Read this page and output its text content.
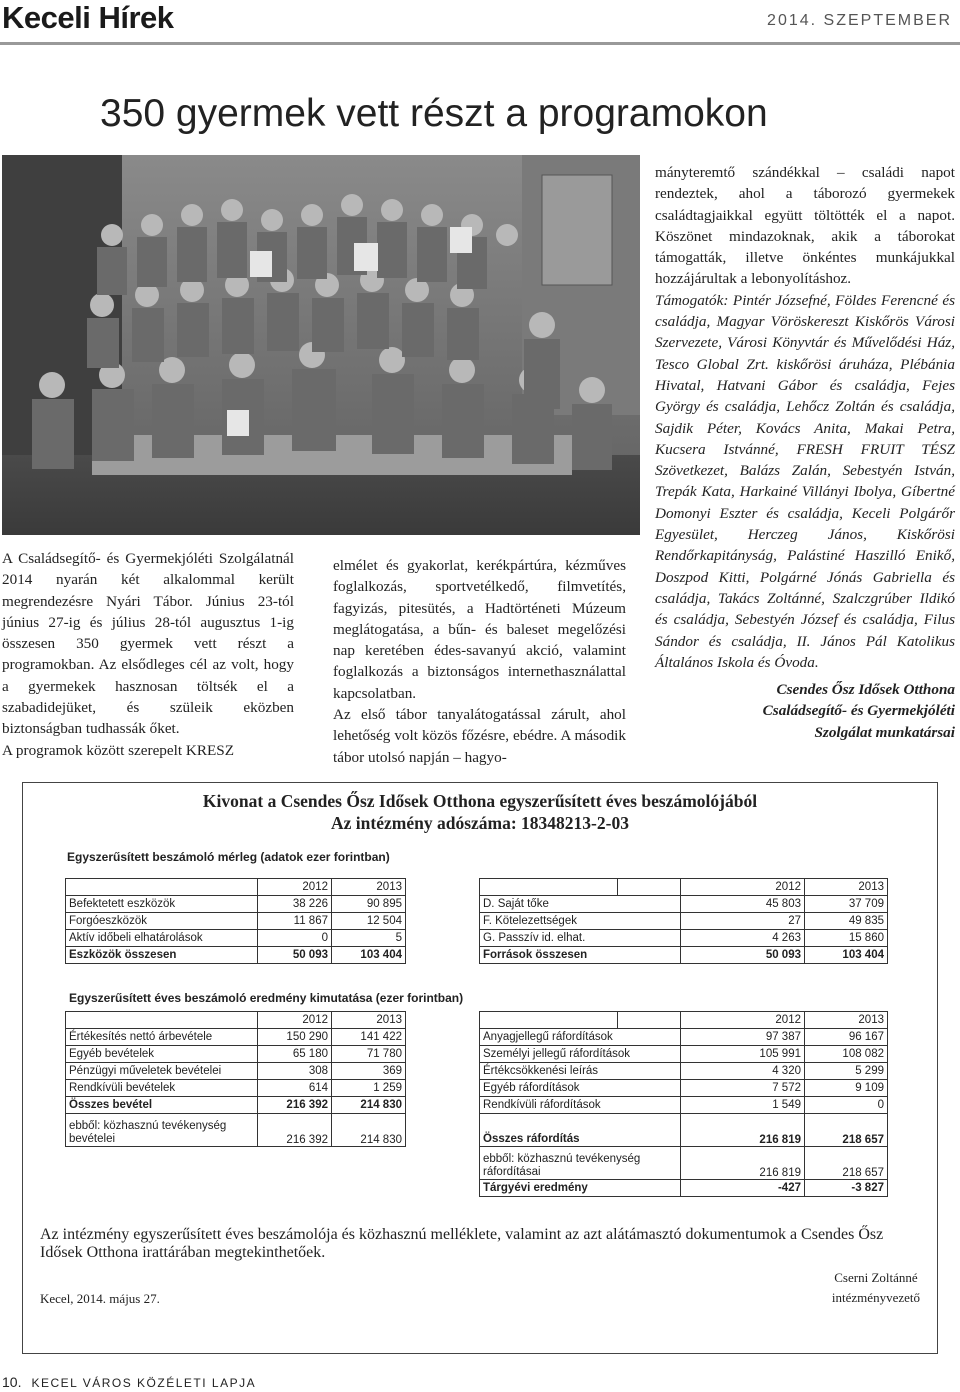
Keceli Hírek	2014. SZEPTEMBER
350 gyermek vett részt a programokon

A Családsegítő- és Gyermekjóléti Szolgálatnál 2014 nyarán két alkalommal került megrendezésre Nyári Tábor. Június 23-tól június 27-ig és július 28-tól augusztus 1-ig összesen 350 gyermek vett részt a programokban. Az elsődleges cél az volt, hogy a gyermekek hasznosan töltsék el a szabadidejüket, és szüleik eközben biztonságban tudhassák őket.

A programok között szerepelt KRESZ

elmélet és gyakorlat, kerékpártúra, kézműves foglalkozás, sportvetélkedő, filmvetítés, fagyizás, pitesütés, a Hadtörténeti Múzeum meglátogatása, a bűn- és baleset megelőzési nap keretében édes-savanyú akció, valamint foglalkozás a biztonságos internethasználattal kapcsolatban.

Az első tábor tanyalátogatással zárult, ahol lehetőség volt közös főzésre, ebédre. A második tábor utolsó napján – hagyo-

mányteremtő szándékkal – családi napot rendeztek, ahol a táborozó gyermekek családtagjaikkal együtt töltötték el a napot. Köszönet mindazoknak, akik a táborokat támogatták, illetve önkéntes munkájukkal hozzájárultak a lebonyolításhoz.

Támogatók: Pintér Józsefné, Földes Ferencné és családja, Magyar Vöröskereszt Kiskőrös Városi Szervezete, Városi Könyvtár és Művelődési Ház, Tesco Global Zrt. kiskőrösi áruháza, Plébánia Hivatal, Hatvani Gábor és családja, Fejes György és családja, Lehőcz Zoltán és családja, Sajdik Péter, Kovács Anita, Makai Petra, Kucsera Istvánné, FRESH FRUIT TÉSZ Szövetkezet, Balázs Zalán, Sebestyén István, Trepák Kata, Harkainé Villányi Ibolya, Gíbertné Domonyi Eszter és családja, Keceli Polgárőr Egyesület, Herczeg János, Kiskőrösi Rendőrkapitányság, Palástiné Haszilló Enikő, Doszpod Kitti, Polgárné Jónás Gabriella és családja, Takács Zoltánné, Szalczgrúber Ildikó és családja, Sebestyén József és családja, Filus Sándor és családja, II. János Pál Katolikus Általános Iskola és Óvoda.

Csendes Ősz Idősek Otthona

Családsegítő- és Gyermekjóléti

Szolgálat munkatársai

Kivonat a Csendes Ősz Idősek Otthona egyszerűsített éves beszámolójából
Az intézmény adószáma: 18348213-2-03
Egyszerűsített beszámoló mérleg (adatok ezer forintban)
	2012	2013				2012	2013
Befektetett eszközök	38 226	90 895		D. Saját tőke		45 803	37 709
Forgóeszközök	11 867	12 504		F. Kötelezettségek		27	49 835
Aktív időbeli elhatárolások	0	5		G. Passzív id. elhat.		4 263	15 860
Eszközök összesen	50 093	103 404		Források összesen		50 093	103 404
Egyszerűsített éves beszámoló eredmény kimutatása (ezer forintban)
	2012	2013				2012	2013
Értékesítés nettó árbevétele	150 290	141 422		Anyagjellegű ráfordítások		97 387	96 167
Egyéb bevételek	65 180	71 780		Személyi jellegű ráfordítások		105 991	108 082
Pénzügyi műveletek bevételei	308	369		Értékcsökkenési leírás		4 320	5 299
Rendkívüli bevételek	614	1 259		Egyéb ráfordítások		7 572	9 109
Összes bevétel	216 392	214 830		Rendkívüli ráfordítások		1 549	0
ebből: közhasznú tevékenység bevételei	216 392	214 830		Összes ráfordítás		216 819	218 657
				ebből: közhasznú tevékenység ráfordításai		216 819	218 657
				Tárgyévi eredmény		-427	-3 827
Az intézmény egyszerűsített éves beszámolója és közhasznú melléklete, valamint az azt alátámasztó dokumentumok a Csendes Ősz Idősek Otthona irattárában megtekinthetőek.
Kecel, 2014. május 27.
Cserni Zoltánné
intézményvezető
10. KECEL VÁROS KÖZÉLETI LAPJA
